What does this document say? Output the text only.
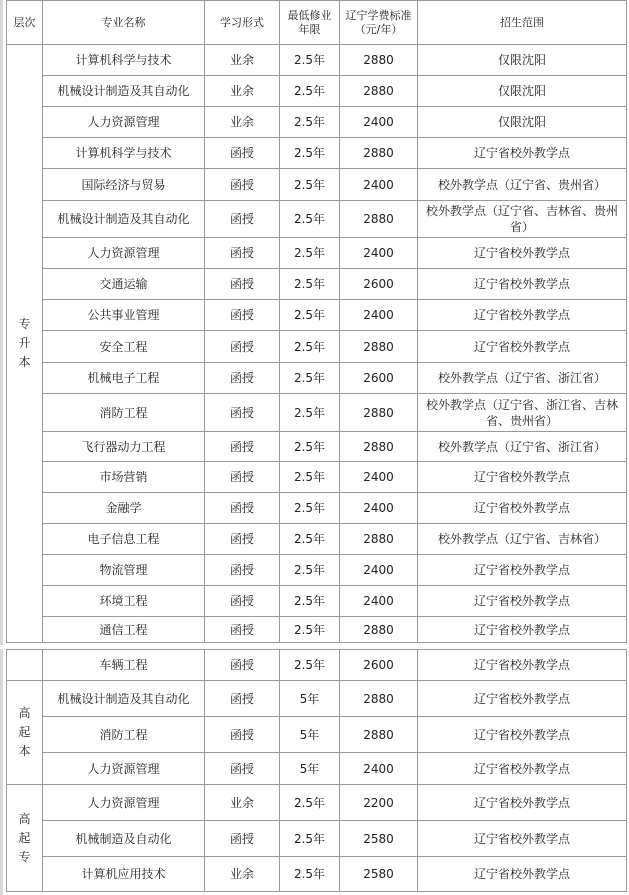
层次	专业名称	学习形式	最低修业年限	辽宁学费标准（元/年）	招生范围
专
升
本	计算机科学与技术	业余	2.5年	2880	仅限沈阳
	机械设计制造及其自动化	业余	2.5年	2880	仅限沈阳
	人力资源管理	业余	2.5年	2400	仅限沈阳
	计算机科学与技术	函授	2.5年	2880	辽宁省校外教学点
	国际经济与贸易	函授	2.5年	2400	校外教学点（辽宁省、贵州省）
	机械设计制造及其自动化	函授	2.5年	2880	校外教学点（辽宁省、吉林省、贵州省）
	人力资源管理	函授	2.5年	2400	辽宁省校外教学点
	交通运输	函授	2.5年	2600	辽宁省校外教学点
	公共事业管理	函授	2.5年	2400	辽宁省校外教学点
	安全工程	函授	2.5年	2880	辽宁省校外教学点
	机械电子工程	函授	2.5年	2600	校外教学点（辽宁省、浙江省）
	消防工程	函授	2.5年	2880	校外教学点（辽宁省、浙江省、吉林省、贵州省）
	飞行器动力工程	函授	2.5年	2880	校外教学点（辽宁省、浙江省）
	市场营销	函授	2.5年	2400	辽宁省校外教学点
	金融学	函授	2.5年	2400	辽宁省校外教学点
	电子信息工程	函授	2.5年	2880	校外教学点（辽宁省、吉林省）
	物流管理	函授	2.5年	2400	辽宁省校外教学点
	环境工程	函授	2.5年	2400	辽宁省校外教学点
	通信工程	函授	2.5年	2880	辽宁省校外教学点
	车辆工程	函授	2.5年	2600	辽宁省校外教学点
高
起
本	机械设计制造及其自动化	函授	5年	2880	辽宁省校外教学点
	消防工程	函授	5年	2880	辽宁省校外教学点
	人力资源管理	函授	5年	2400	辽宁省校外教学点
高
起
专	人力资源管理	业余	2.5年	2200	辽宁省校外教学点
	机械制造及自动化	函授	2.5年	2580	辽宁省校外教学点
	计算机应用技术	业余	2.5年	2580	辽宁省校外教学点
